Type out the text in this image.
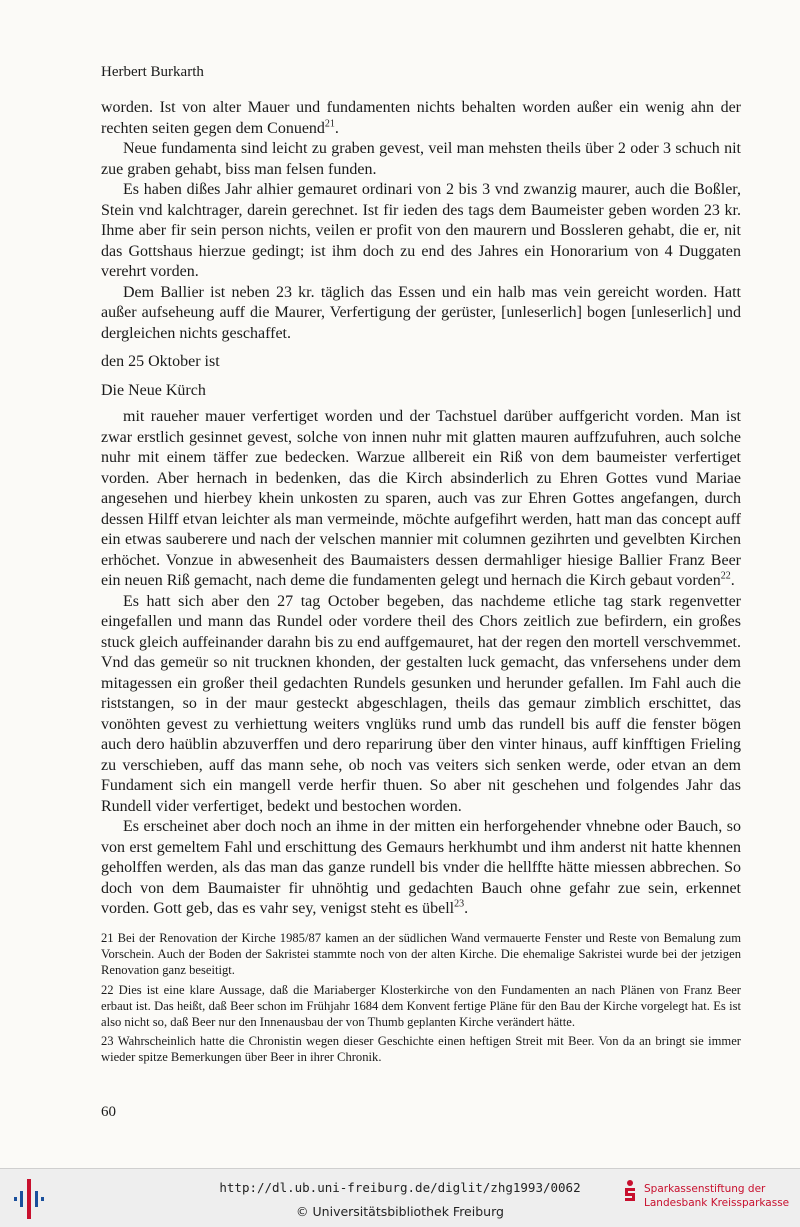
Herbert Burkarth

worden. Ist von alter Mauer und fundamenten nichts behalten worden außer ein wenig ahn der rechten seiten gegen dem Conuend$^{21}$.

Neue fundamenta sind leicht zu graben gevest, veil man mehsten theils über 2 oder 3 schuch nit zue graben gehabt, biss man felsen funden.

Es haben dißes Jahr alhier gemauret ordinari von 2 bis 3 vnd zwanzig maurer, auch die Boßler, Stein vnd kalchtrager, darein gerechnet. Ist fir ieden des tags dem Baumeister geben worden 23 kr. Ihme aber fir sein person nichts, veilen er profit von den maurern und Bossleren gehabt, die er, nit das Gottshaus hierzue gedingt; ist ihm doch zu end des Jahres ein Honorarium von 4 Duggaten verehrt vorden.

Dem Ballier ist neben 23 kr. täglich das Essen und ein halb mas vein gereicht worden. Hatt außer aufseheung auff die Maurer, Verfertigung der gerüster, [unleserlich] bogen [unleserlich] und dergleichen nichts geschaffet.

den 25 Oktober ist

Die Neue Kürch

mit raueher mauer verfertiget worden und der Tachstuel darüber auffgericht vorden. Man ist zwar erstlich gesinnet gevest, solche von innen nuhr mit glatten mauren auffzufuhren, auch solche nuhr mit einem täffer zue bedecken. Warzue allbereit ein Riß von dem baumeister verfertiget vorden. Aber hernach in bedenken, das die Kirch absinderlich zu Ehren Gottes vund Mariae angesehen und hierbey khein unkosten zu sparen, auch vas zur Ehren Gottes angefangen, durch dessen Hilff etvan leichter als man vermeinde, möchte aufgefihrt werden, hatt man das concept auff ein etwas sauberere und nach der velschen mannier mit columnen gezihrten und gevelbten Kirchen erhöchet. Vonzue in abwesenheit des Baumaisters dessen dermahliger hiesige Ballier Franz Beer ein neuen Riß gemacht, nach deme die fundamenten gelegt und hernach die Kirch gebaut vorden$^{22}$.

Es hatt sich aber den 27 tag October begeben, das nachdeme etliche tag stark regenvetter eingefallen und mann das Rundel oder vordere theil des Chors zeitlich zue befirdern, ein großes stuck gleich auffeinander darahn bis zu end auffgemauret, hat der regen den mortell verschvemmet. Vnd das gemeür so nit trucknen khonden, der gestalten luck gemacht, das vnfersehens under dem mitagessen ein großer theil gedachten Rundels gesunken und herunder gefallen. Im Fahl auch die riststangen, so in der maur gesteckt abgeschlagen, theils das gemaur zimblich erschittet, das vonöhten gevest zu verhiettung weiters vnglüks rund umb das rundell bis auff die fenster bögen auch dero haüblin abzuverffen und dero reparirung über den vinter hinaus, auff kinfftigen Frieling zu verschieben, auff das mann sehe, ob noch vas veiters sich senken werde, oder etvan an dem Fundament sich ein mangell verde herfir thuen. So aber nit geschehen und folgendes Jahr das Rundell vider verfertiget, bedekt und bestochen worden.

Es erscheinet aber doch noch an ihme in der mitten ein herforgehender vhnebne oder Bauch, so von erst gemeltem Fahl und erschittung des Gemaurs herkhumbt und ihm anderst nit hatte khennen geholffen werden, als das man das ganze rundell bis vnder die hellffte hätte miessen abbrechen. So doch von dem Baumaister fir uhnöhtig und gedachten Bauch ohne gefahr zue sein, erkennet vorden. Gott geb, das es vahr sey, venigst steht es übell$^{23}$.

21 Bei der Renovation der Kirche 1985/87 kamen an der südlichen Wand vermauerte Fenster und Reste von Bemalung zum Vorschein. Auch der Boden der Sakristei stammte noch von der alten Kirche. Die ehemalige Sakristei wurde bei der jetzigen Renovation ganz beseitigt.

22 Dies ist eine klare Aussage, daß die Mariaberger Klosterkirche von den Fundamenten an nach Plänen von Franz Beer erbaut ist. Das heißt, daß Beer schon im Frühjahr 1684 dem Konvent fertige Pläne für den Bau der Kirche vorgelegt hat. Es ist also nicht so, daß Beer nur den Innenausbau der von Thumb geplanten Kirche verändert hätte.

23 Wahrscheinlich hatte die Chronistin wegen dieser Geschichte einen heftigen Streit mit Beer. Von da an bringt sie immer wieder spitze Bemerkungen über Beer in ihrer Chronik.

60
http://dl.ub.uni-freiburg.de/diglit/zhg1993/0062
© Universitätsbibliothek Freiburg
Sparkassenstiftung der
Landesbank Kreissparkasse
